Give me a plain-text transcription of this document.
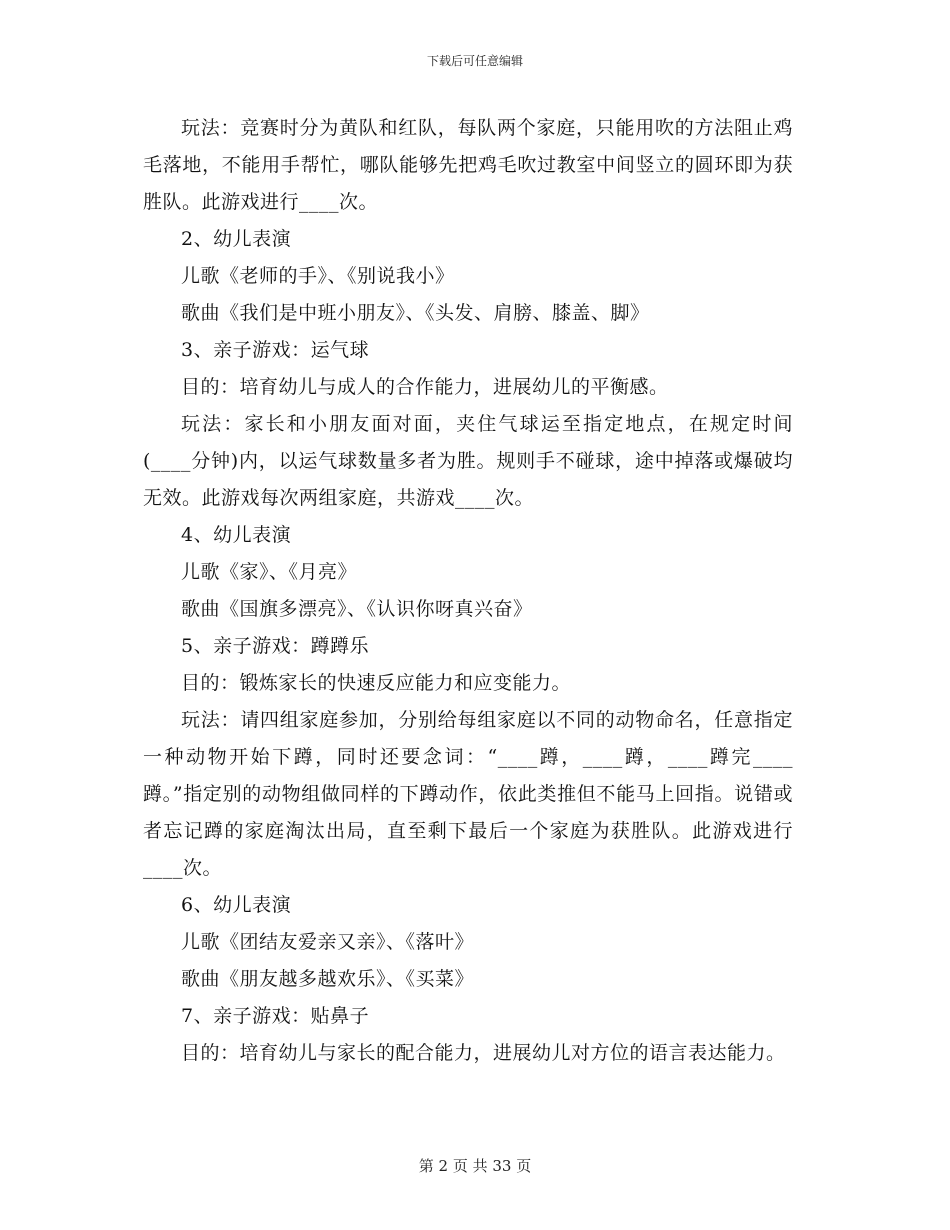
下载后可任意编辑

玩法：竞赛时分为黄队和红队，每队两个家庭，只能用吹的方法阻止鸡毛落地，不能用手帮忙，哪队能够先把鸡毛吹过教室中间竖立的圆环即为获胜队。此游戏进行____次。

2、幼儿表演

儿歌《老师的手》、《别说我小》

歌曲《我们是中班小朋友》、《头发、肩膀、膝盖、脚》

3、亲子游戏：运气球

目的：培育幼儿与成人的合作能力，进展幼儿的平衡感。

玩法：家长和小朋友面对面，夹住气球运至指定地点，在规定时间(____分钟)内，以运气球数量多者为胜。规则手不碰球，途中掉落或爆破均无效。此游戏每次两组家庭，共游戏____次。

4、幼儿表演

儿歌《家》、《月亮》

歌曲《国旗多漂亮》、《认识你呀真兴奋》

5、亲子游戏：蹲蹲乐

目的：锻炼家长的快速反应能力和应变能力。

玩法：请四组家庭参加，分别给每组家庭以不同的动物命名，任意指定一种动物开始下蹲，同时还要念词：“____蹲，____蹲，____蹲完____蹲。”指定别的动物组做同样的下蹲动作，依此类推但不能马上回指。说错或者忘记蹲的家庭淘汰出局，直至剩下最后一个家庭为获胜队。此游戏进行____次。

6、幼儿表演

儿歌《团结友爱亲又亲》、《落叶》

歌曲《朋友越多越欢乐》、《买菜》

7、亲子游戏：贴鼻子

目的：培育幼儿与家长的配合能力，进展幼儿对方位的语言表达能力。

第 2 页 共 33 页
